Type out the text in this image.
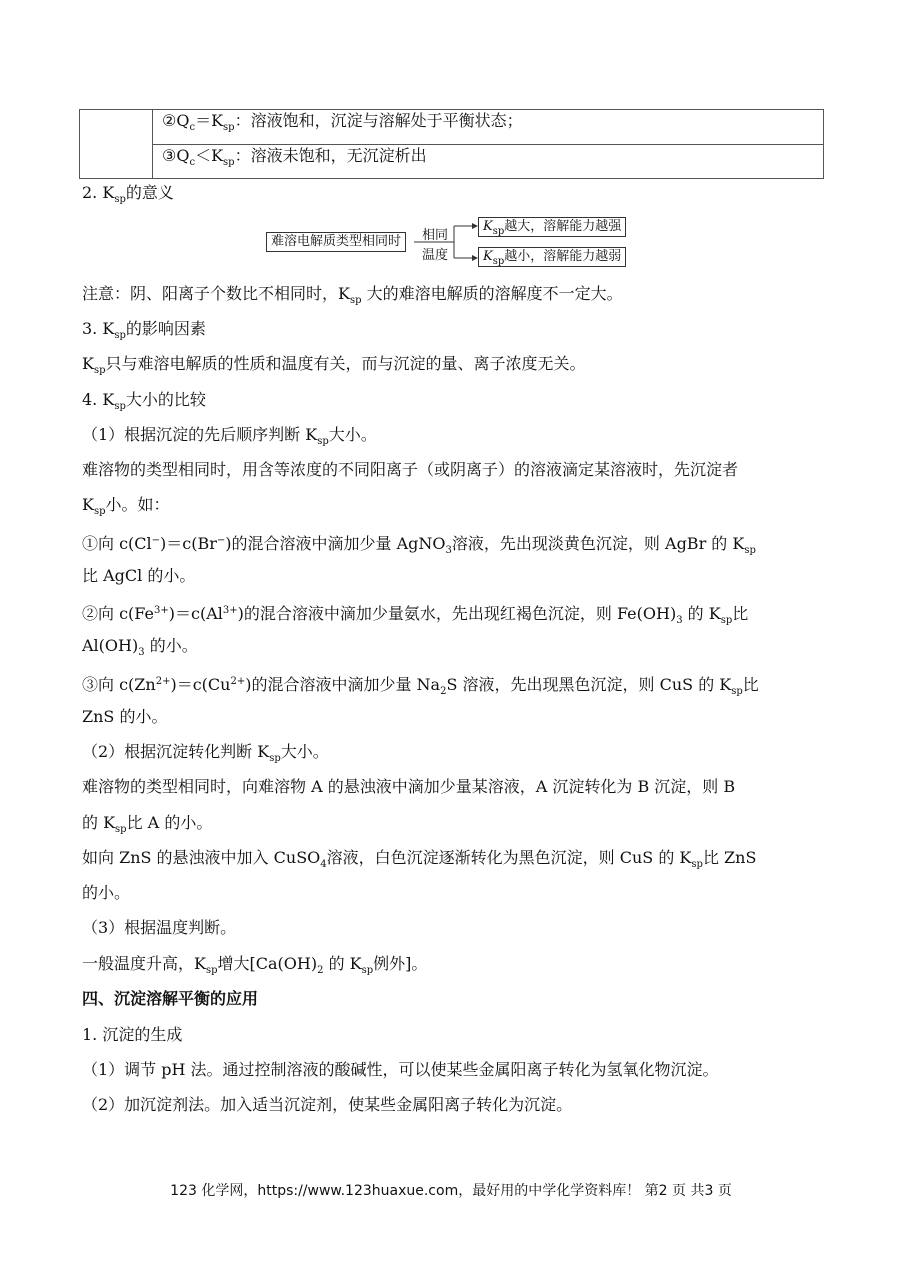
$②Q_c=K_{sp}$：溶液饱和，沉淀与溶解处于平衡状态；
$③Q_c<K_{sp}$：溶液未饱和，无沉淀析出
2. $K_{sp}$的意义
难溶电解质类型相同时	相同
温度
$K_{sp}$越大，溶解能力越强
$K_{sp}$越小，溶解能力越弱
注意：阴、阳离子个数比不相同时，$K_{sp}$ 大的难溶电解质的溶解度不一定大。
3. $K_{sp}$的影响因素
$K_{sp}$只与难溶电解质的性质和温度有关，而与沉淀的量、离子浓度无关。
4. $K_{sp}$大小的比较
（1）根据沉淀的先后顺序判断 $K_{sp}$大小。
难溶物的类型相同时，用含等浓度的不同阳离子（或阴离子）的溶液滴定某溶液时，先沉淀者
$K_{sp}$小。如：
①向 c(Cl−)＝c(Br−)的混合溶液中滴加少量 AgNO$_3$溶液，先出现淡黄色沉淀，则 AgBr 的 $K_{sp}$
比 AgCl 的小。
②向 $c(Fe^{3+})=c(Al^{3+})$的混合溶液中滴加少量氨水，先出现红褐色沉淀，则 $Fe(OH)_3$ 的 $K_{sp}$比
$Al(OH)_3$ 的小。
③向 $c(Zn^{2+})=c(Cu^{2+})$的混合溶液中滴加少量 $Na_2S$ 溶液，先出现黑色沉淀，则 CuS 的 $K_{sp}$比
ZnS 的小。
（2）根据沉淀转化判断 $K_{sp}$大小。
难溶物的类型相同时，向难溶物 A 的悬浊液中滴加少量某溶液，A 沉淀转化为 B 沉淀，则 B
的 $K_{sp}$比 A 的小。
如向 ZnS 的悬浊液中加入 CuSO$_4$溶液，白色沉淀逐渐转化为黑色沉淀，则 CuS 的 $K_{sp}$比 ZnS
的小。
（3）根据温度判断。
一般温度升高，$K_{sp}$增大[$Ca(OH)_2$ 的 $K_{sp}$例外]。
四、沉淀溶解平衡的应用
1. 沉淀的生成
（1）调节 pH 法。通过控制溶液的酸碱性，可以使某些金属阳离子转化为氢氧化物沉淀。
（2）加沉淀剂法。加入适当沉淀剂，使某些金属阳离子转化为沉淀。
123 化学网，https://www.123huaxue.com，最好用的中学化学资料库！ 第2 页 共3 页
